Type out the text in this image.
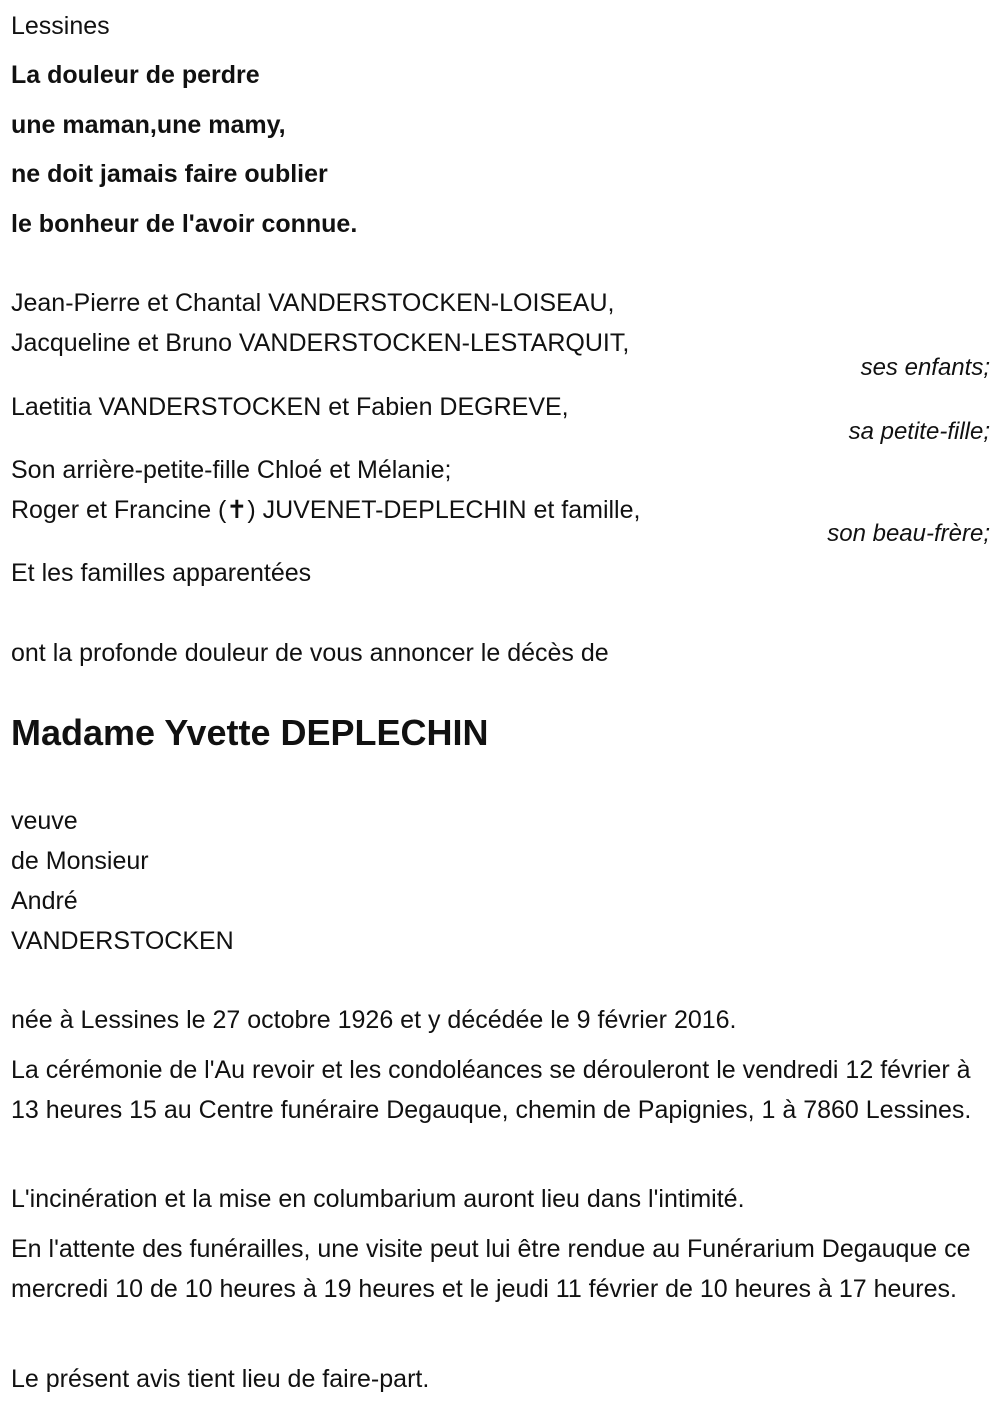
Lessines
La douleur de perdre
une maman,une mamy,
ne doit jamais faire oublier
le bonheur de l'avoir connue.
Jean-Pierre et Chantal VANDERSTOCKEN-LOISEAU,
Jacqueline et Bruno VANDERSTOCKEN-LESTARQUIT,
ses enfants;
Laetitia VANDERSTOCKEN et Fabien DEGREVE,
sa petite-fille;
Son arrière-petite-fille Chloé et Mélanie;
Roger et Francine (✝) JUVENET-DEPLECHIN et famille,
son beau-frère;
Et les familles apparentées
ont la profonde douleur de vous annoncer le décès de
Madame Yvette DEPLECHIN
veuve
de Monsieur
André
VANDERSTOCKEN
née à Lessines le 27 octobre 1926 et y décédée le 9 février 2016.
La cérémonie de l'Au revoir et les condoléances se dérouleront le vendredi 12 février à 13 heures 15 au Centre funéraire Degauque, chemin de Papignies, 1 à 7860 Lessines.
L'incinération et la mise en columbarium auront lieu dans l'intimité.
En l'attente des funérailles, une visite peut lui être rendue au Funérarium Degauque ce mercredi 10 de 10 heures à 19 heures et le jeudi 11 février de 10 heures à 17 heures.
Le présent avis tient lieu de faire-part.
